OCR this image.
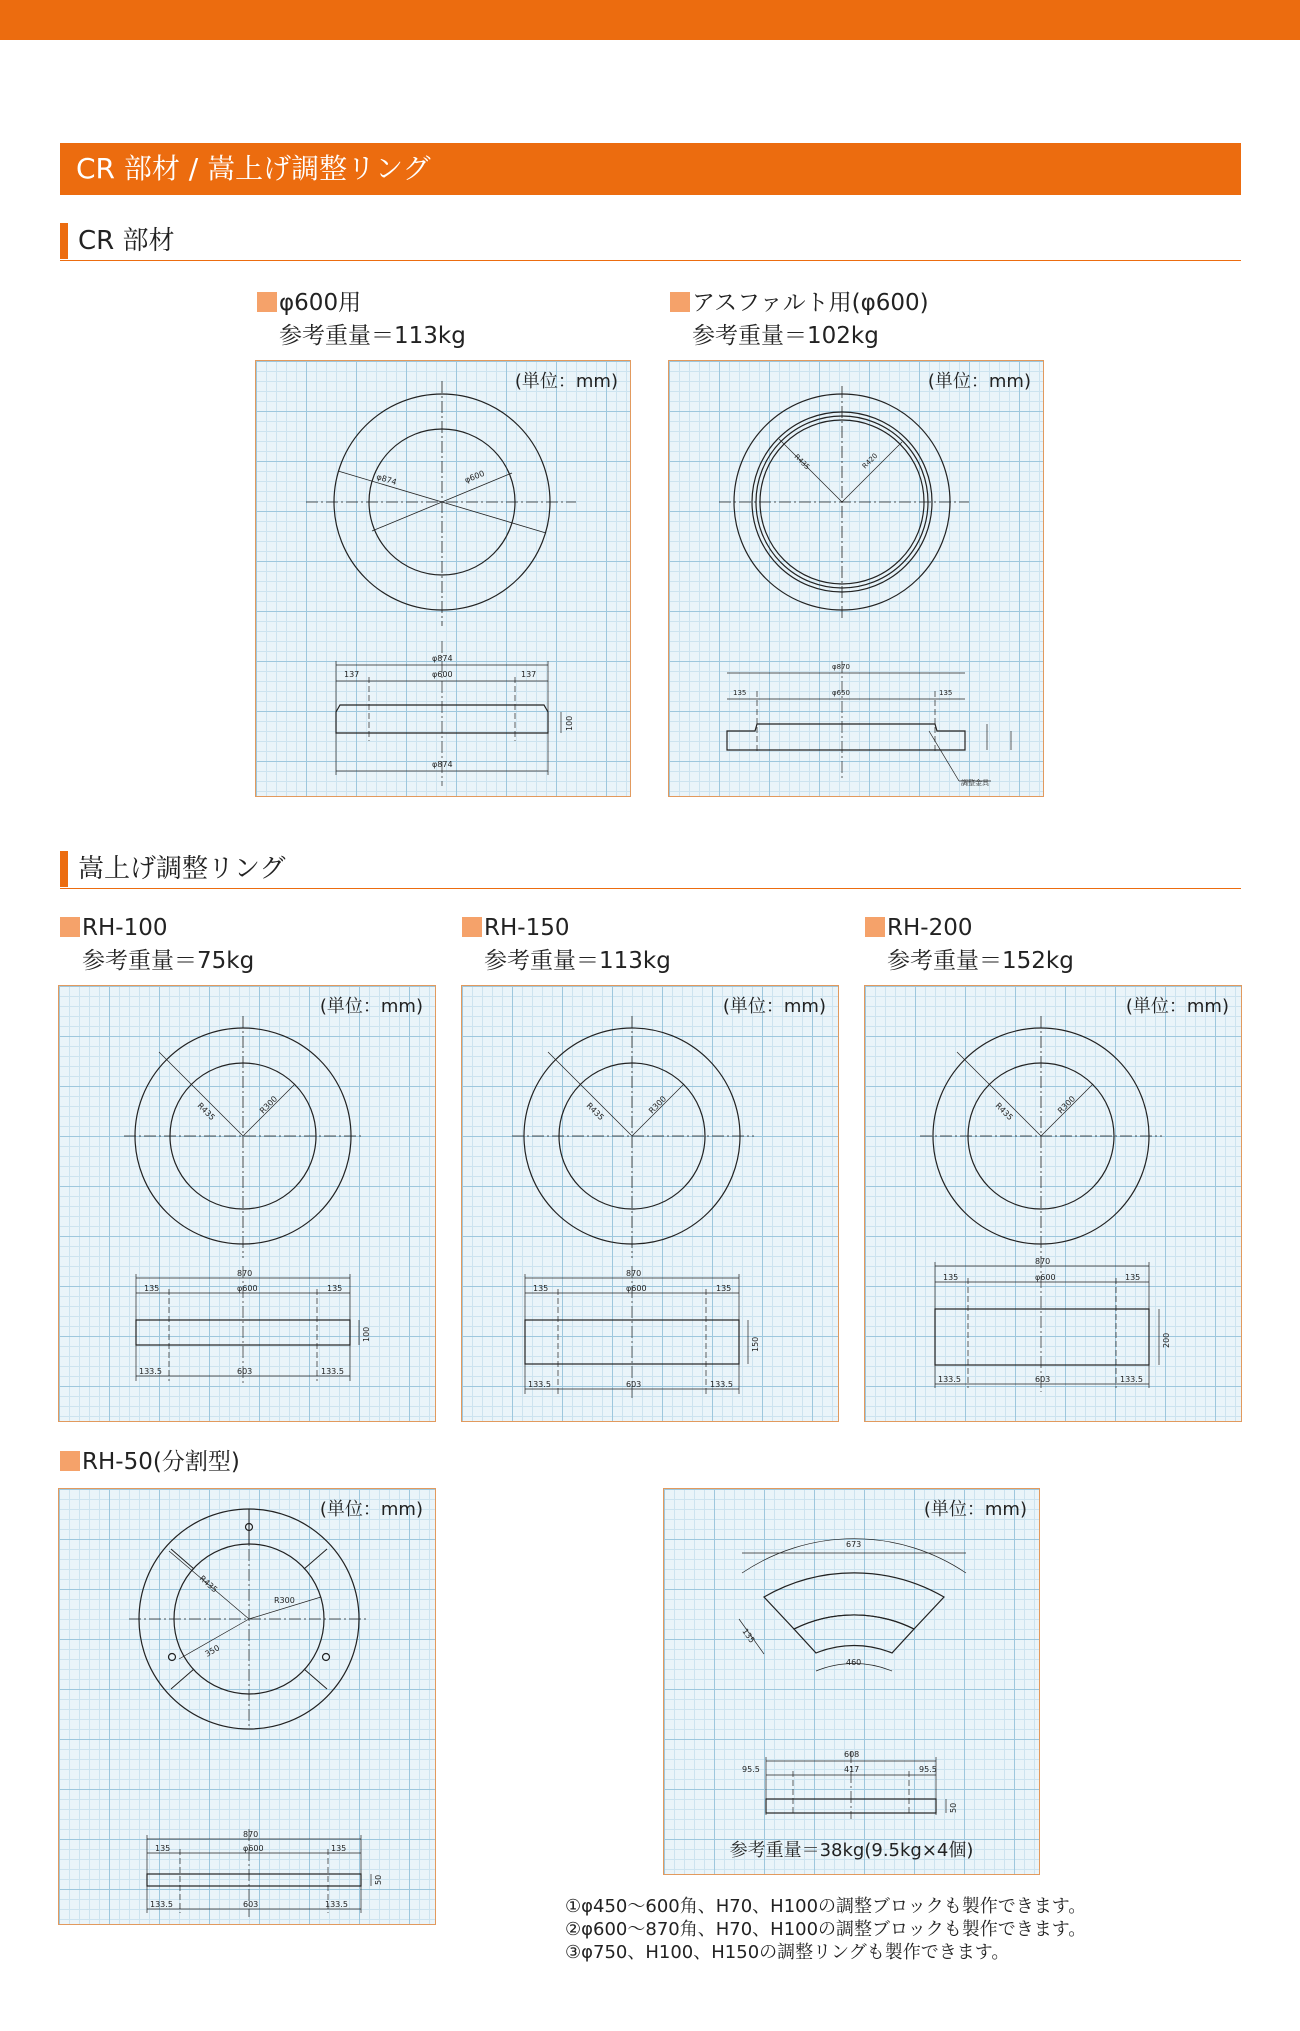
CR 部材 / 嵩上げ調整リング
CR 部材
φ600用
参考重量＝113kg
(単位：mm)
φ874	φ600
φ874
137	φ600	137
φ874
100
アスファルト用(φ600)
参考重量＝102kg
(単位：mm)
R435	R420
φ870
φ650
135	135
調整金具
嵩上げ調整リング
RH-100
参考重量＝75kg
(単位：mm)
R435	R300
870
135	φ600	135
133.5	603	133.5
100
RH-150
参考重量＝113kg
(単位：mm)
R435	R300
870
135	φ600	135
133.5	603	133.5
150
RH-200
参考重量＝152kg
(単位：mm)
R435	R300
870
135	φ600	135
133.5	603	133.5
200
RH-50(分割型)
(単位：mm)
R435
R300
350
870
135	φ600	135
133.5	603	133.5
50
(単位：mm)
673
460
135
608
95.5	417	95.5
50
参考重量＝38kg(9.5kg×4個)
①φ450～600角、H70、H100の調整ブロックも製作できます。
②φ600～870角、H70、H100の調整ブロックも製作できます。
③φ750、H100、H150の調整リングも製作できます。
